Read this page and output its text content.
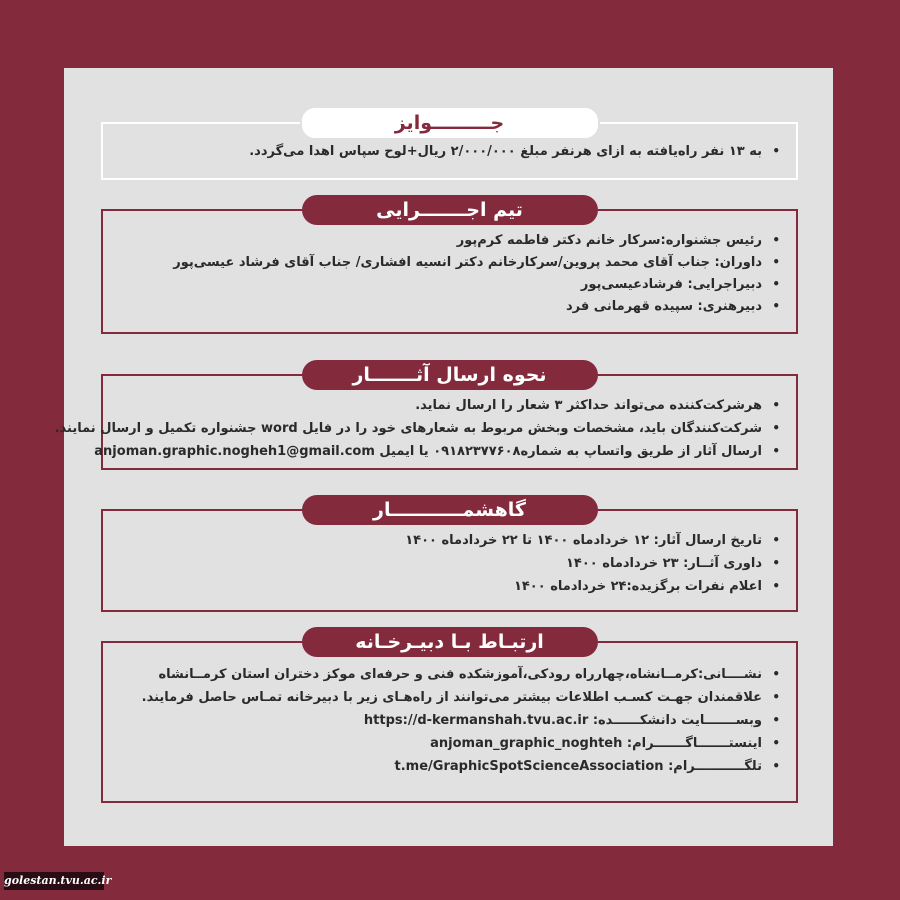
جـــــــــوایز
•
به ۱۳ نفر راه‌یافته به ازای هرنفر مبلغ ۲/۰۰۰/۰۰۰ ریال+لوح سپاس اهدا می‌گردد.
تیم اجـــــــرایی
•
رئیس جشنواره:سرکار خانم دکتر فاطمه کرم‌پور
•
داوران: جناب آقای محمد پروین/سرکارخانم دکتر انسیه افشاری/ جناب آقای فرشاد عیسی‌پور
•
دبیراجرایی: فرشادعیسی‌پور
•
دبیرهنری: سپیده قهرمانی فرد
نحوه ارسال آثـــــــار
•
هرشرکت‌کننده می‌تواند حداکثر ۳ شعار را ارسال نماید.
•
شرکت‌کنندگان باید، مشخصات وبخش مربوط به شعارهای خود را در فایل word جشنواره تکمیل و ارسال نمایند.
•
ارسال آثار از طریق واتساپ به شماره۰۹۱۸۲۳۷۷۶۰۸ یا ایمیل anjoman.graphic.nogheh1@gmail.com
گاهشمـــــــــــار
•
تاریخ ارسال آثار: ۱۲ خردادماه ۱۴۰۰ تا ۲۲ خردادماه ۱۴۰۰
•
داوری آثــار: ۲۳ خردادماه ۱۴۰۰
•
اعلام نفرات برگزیده:۲۴ خردادماه ۱۴۰۰
ارتبـاط بـا دبیـرخـانه
•
نشــــانی:کرمــانشاه،چهارراه رودکی،آموزشکده فنی و حرفه‌ای موکز دختران استان کرمــانشاه
•
علاقمندان جهـت کسـب اطلاعات بیشتر می‌توانند از راه‌هـای زیر با دبیرخانه تمـاس حاصل فرمایند.
•
وبســـــــایت دانشکــــــده: https://d-kermanshah.tvu.ac.ir
•
اینستـــــــاگـــــــرام: anjoman_graphic_noghteh
•
تلگـــــــــــرام: t.me/GraphicSpotScienceAssociation
golestan.tvu.ac.ir
